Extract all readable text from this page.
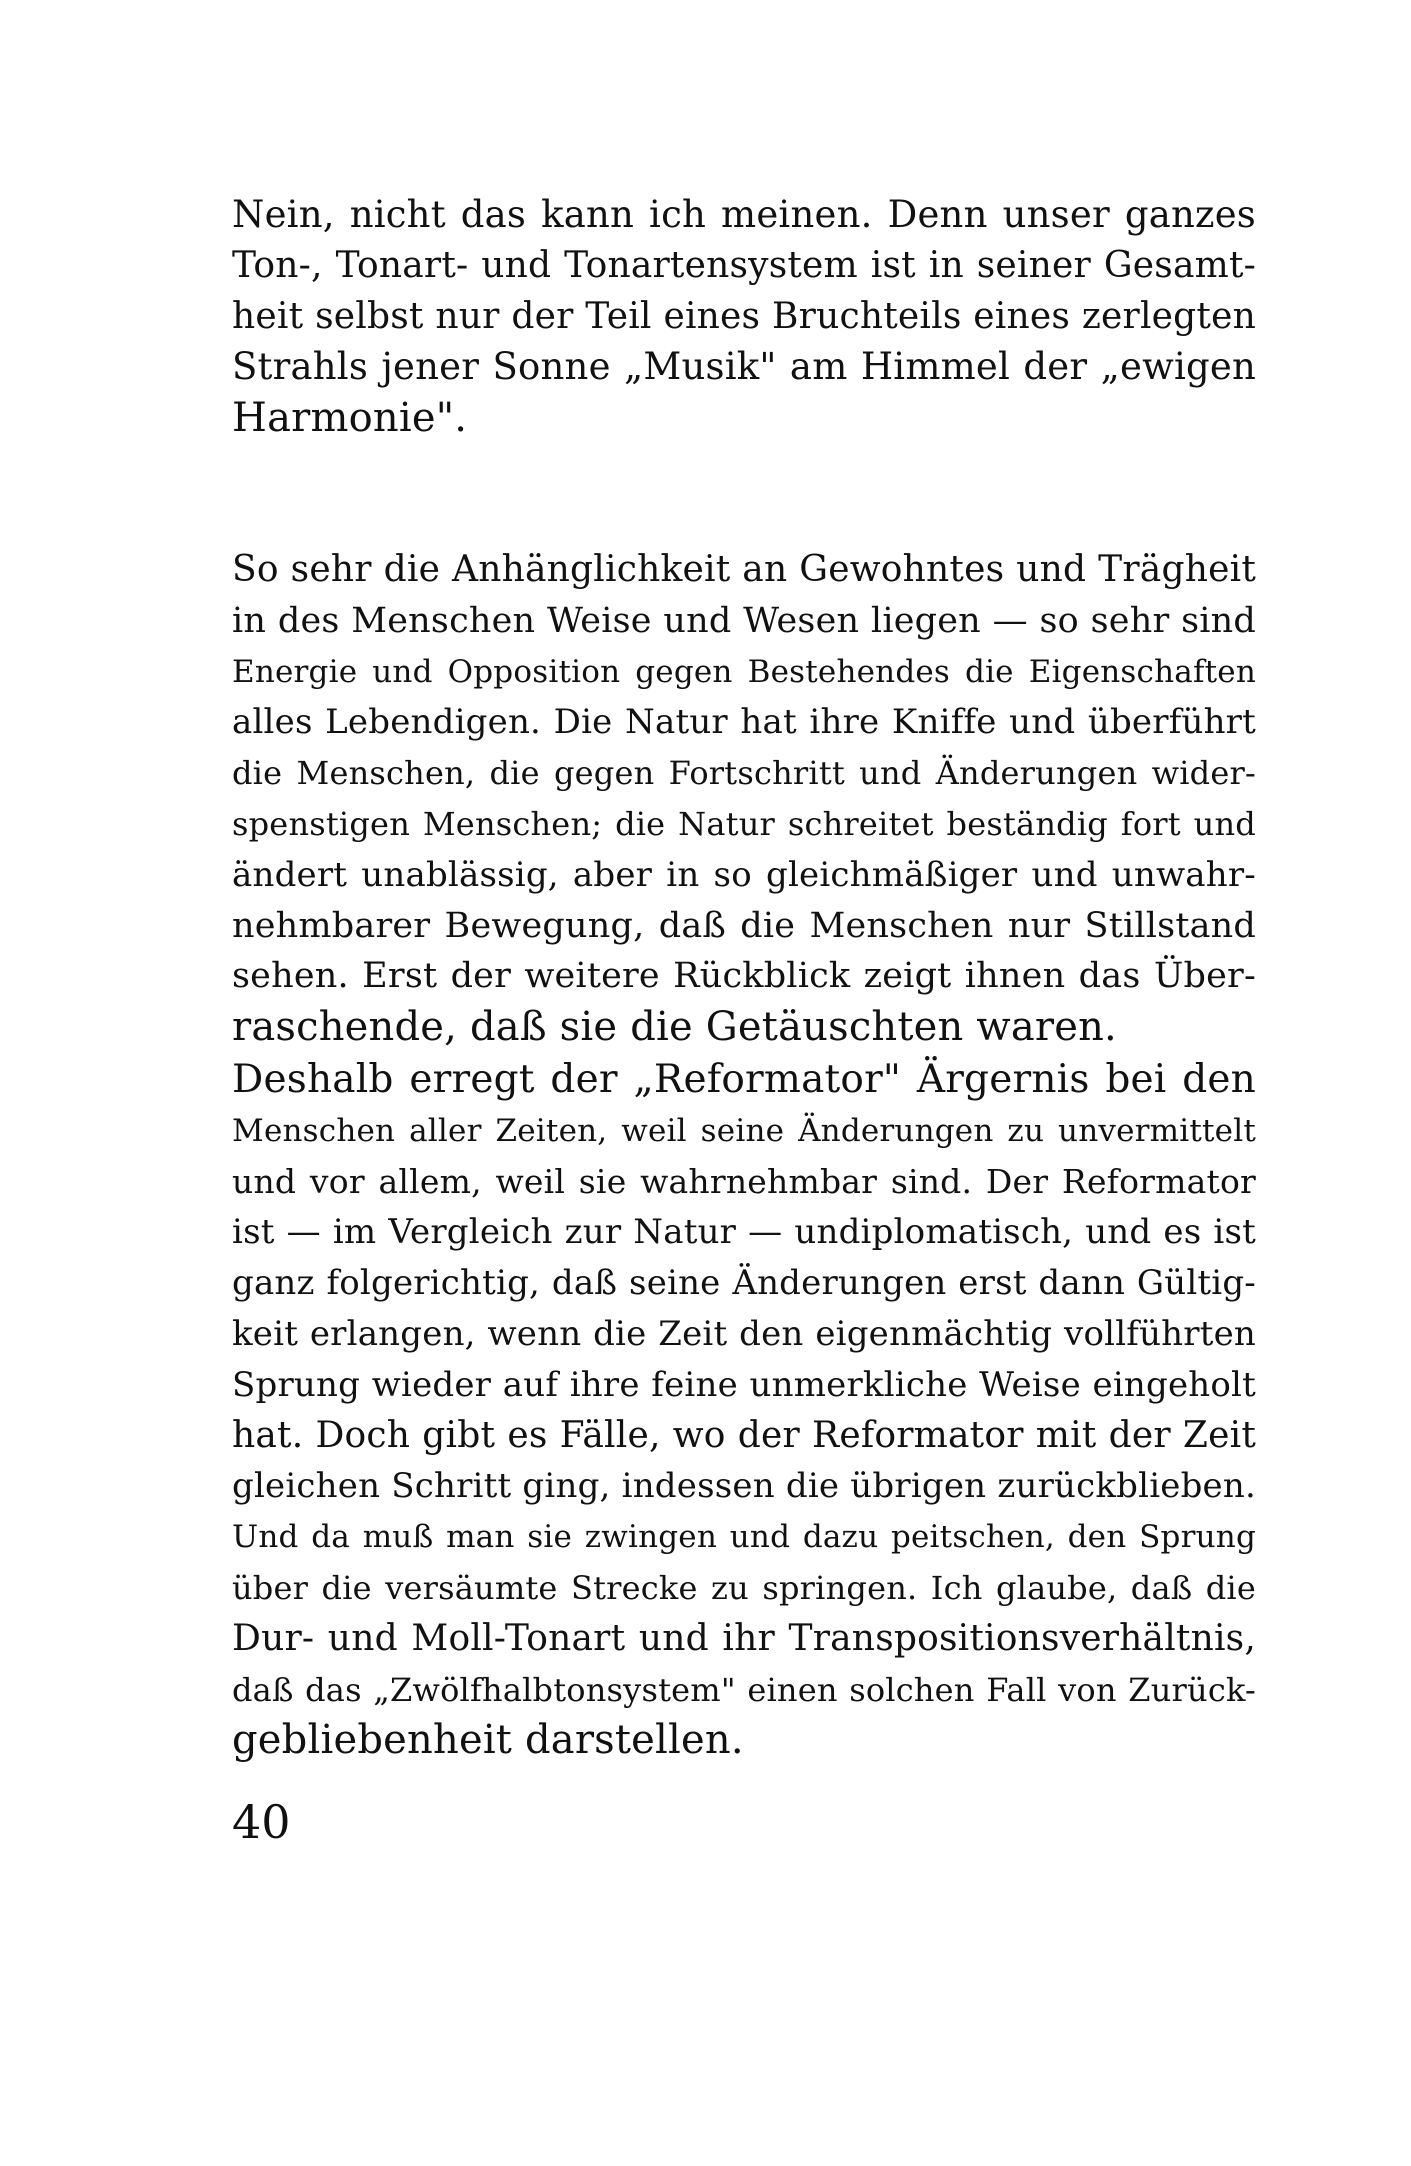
Nein, nicht das kann ich meinen. Denn unser ganzes
Ton-, Tonart- und Tonartensystem ist in seiner Gesamt-
heit selbst nur der Teil eines Bruchteils eines zerlegten
Strahls jener Sonne „Musik" am Himmel der „ewigen
Harmonie".
So sehr die Anhänglichkeit an Gewohntes und Trägheit
in des Menschen Weise und Wesen liegen — so sehr sind
Energie und Opposition gegen Bestehendes die Eigenschaften
alles Lebendigen. Die Natur hat ihre Kniffe und überführt
die Menschen, die gegen Fortschritt und Änderungen wider-
spenstigen Menschen; die Natur schreitet beständig fort und
ändert unablässig, aber in so gleichmäßiger und unwahr-
nehmbarer Bewegung, daß die Menschen nur Stillstand
sehen. Erst der weitere Rückblick zeigt ihnen das Über-
raschende, daß sie die Getäuschten waren.
Deshalb erregt der „Reformator" Ärgernis bei den
Menschen aller Zeiten, weil seine Änderungen zu unvermittelt
und vor allem, weil sie wahrnehmbar sind. Der Reformator
ist — im Vergleich zur Natur — undiplomatisch, und es ist
ganz folgerichtig, daß seine Änderungen erst dann Gültig-
keit erlangen, wenn die Zeit den eigenmächtig vollführten
Sprung wieder auf ihre feine unmerkliche Weise eingeholt
hat. Doch gibt es Fälle, wo der Reformator mit der Zeit
gleichen Schritt ging, indessen die übrigen zurückblieben.
Und da muß man sie zwingen und dazu peitschen, den Sprung
über die versäumte Strecke zu springen. Ich glaube, daß die
Dur- und Moll-Tonart und ihr Transpositionsverhältnis,
daß das „Zwölfhalbtonsystem" einen solchen Fall von Zurück-
gebliebenheit darstellen.
40
